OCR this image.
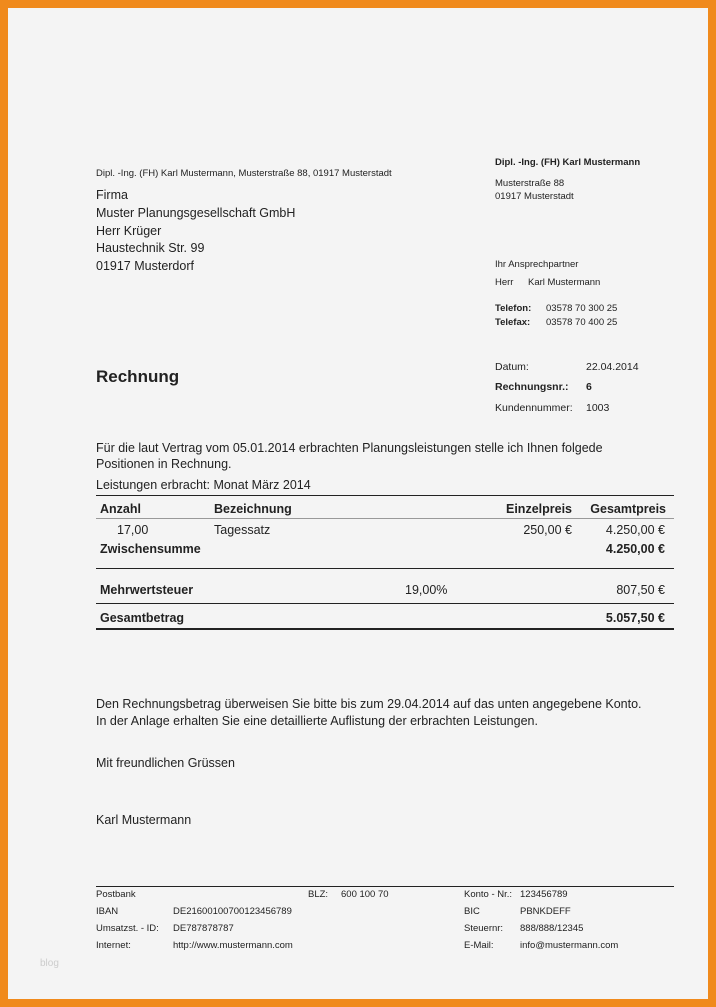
Dipl. -Ing. (FH) Karl Mustermann, Musterstraße 88, 01917 Musterstadt
Firma
Muster Planungsgesellschaft GmbH
Herr Krüger
Haustechnik Str. 99
01917 Musterdorf
Dipl. -Ing. (FH) Karl Mustermann
Musterstraße 88
01917 Musterstadt
Ihr Ansprechpartner
Herr Karl Mustermann
Telefon: 03578 70 300 25
Telefax: 03578 70 400 25
Rechnung	Datum:	22.04.2014
Rechnungsnr.: 6
Kundennummer: 1003
Für die laut Vertrag vom 05.01.2014 erbrachten Planungsleistungen stelle ich Ihnen folgede
Positionen in Rechnung.
Leistungen erbracht: Monat März 2014
Anzahl	Bezeichnung	Einzelpreis Gesamtpreis
17,00	Tagessatz	250,00 €	4.250,00 €
Zwischensumme	4.250,00 €
Mehrwertsteuer	19,00%	807,50 €
Gesamtbetrag	5.057,50 €
Den Rechnungsbetrag überweisen Sie bitte bis zum 29.04.2014 auf das unten angegebene Konto.
In der Anlage erhalten Sie eine detaillierte Auflistung der erbrachten Leistungen.
Mit freundlichen Grüssen
Karl Mustermann
Postbank	BLZ: 600 100 70	Konto - Nr.: 123456789
IBAN	DE21600100700123456789	BIC	PBNKDEFF
Umsatzst. - ID: DE787878787	Steuernr: 888/888/12345
Internet:	http://www.mustermann.com	E-Mail:	info@mustermann.com
blog
